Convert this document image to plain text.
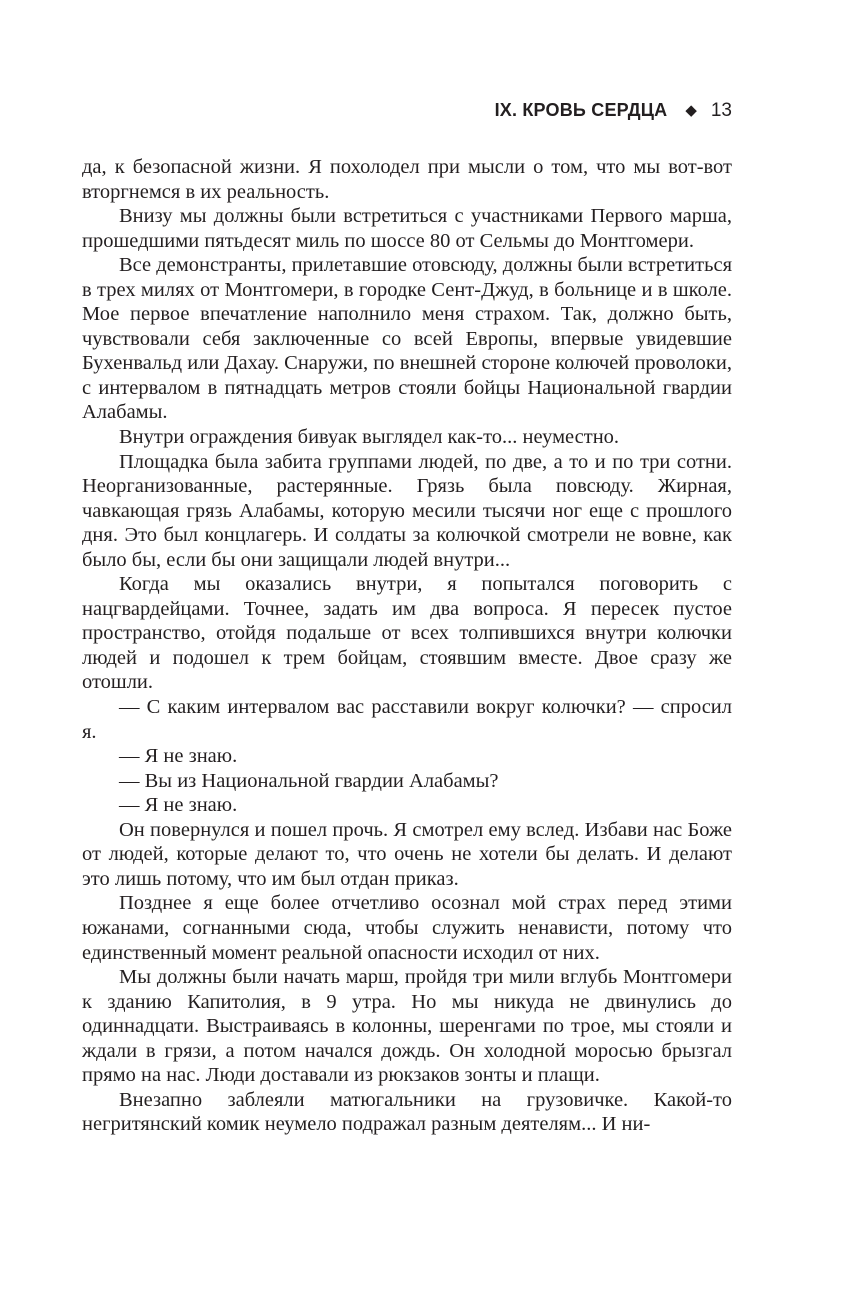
IX. КРОВЬ СЕРДЦА ◆ 13

да, к безопасной жизни. Я похолодел при мысли о том, что мы вот-вот вторгнемся в их реальность.

Внизу мы должны были встретиться с участниками Первого марша, прошедшими пятьдесят миль по шоссе 80 от Сельмы до Монтгомери.

Все демонстранты, прилетавшие отовсюду, должны были встретиться в трех милях от Монтгомери, в городке Сент-Джуд, в больнице и в школе. Мое первое впечатление наполнило меня страхом. Так, должно быть, чувствовали себя заключенные со всей Европы, впервые увидевшие Бухенвальд или Дахау. Снаружи, по внешней стороне колючей проволоки, с интервалом в пятнадцать метров стояли бойцы Национальной гвардии Алабамы.

Внутри ограждения бивуак выглядел как-то... неуместно.

Площадка была забита группами людей, по две, а то и по три сотни. Неорганизованные, растерянные. Грязь была повсюду. Жирная, чавкающая грязь Алабамы, которую месили тысячи ног еще с прошлого дня. Это был концлагерь. И солдаты за колючкой смотрели не вовне, как было бы, если бы они защищали людей внутри...

Когда мы оказались внутри, я попытался поговорить с нацгвардейцами. Точнее, задать им два вопроса. Я пересек пустое пространство, отойдя подальше от всех толпившихся внутри колючки людей и подошел к трем бойцам, стоявшим вместе. Двое сразу же отошли.

— С каким интервалом вас расставили вокруг колючки? — спросил я.

— Я не знаю.

— Вы из Национальной гвардии Алабамы?

— Я не знаю.

Он повернулся и пошел прочь. Я смотрел ему вслед. Избави нас Боже от людей, которые делают то, что очень не хотели бы делать. И делают это лишь потому, что им был отдан приказ.

Позднее я еще более отчетливо осознал мой страх перед этими южанами, согнанными сюда, чтобы служить ненависти, потому что единственный момент реальной опасности исходил от них.

Мы должны были начать марш, пройдя три мили вглубь Монтгомери к зданию Капитолия, в 9 утра. Но мы никуда не двинулись до одиннадцати. Выстраиваясь в колонны, шеренгами по трое, мы стояли и ждали в грязи, а потом начался дождь. Он холодной моросью брызгал прямо на нас. Люди доставали из рюкзаков зонты и плащи.

Внезапно заблеяли матюгальники на грузовичке. Какой-то негритянский комик неумело подражал разным деятелям... И ни-
